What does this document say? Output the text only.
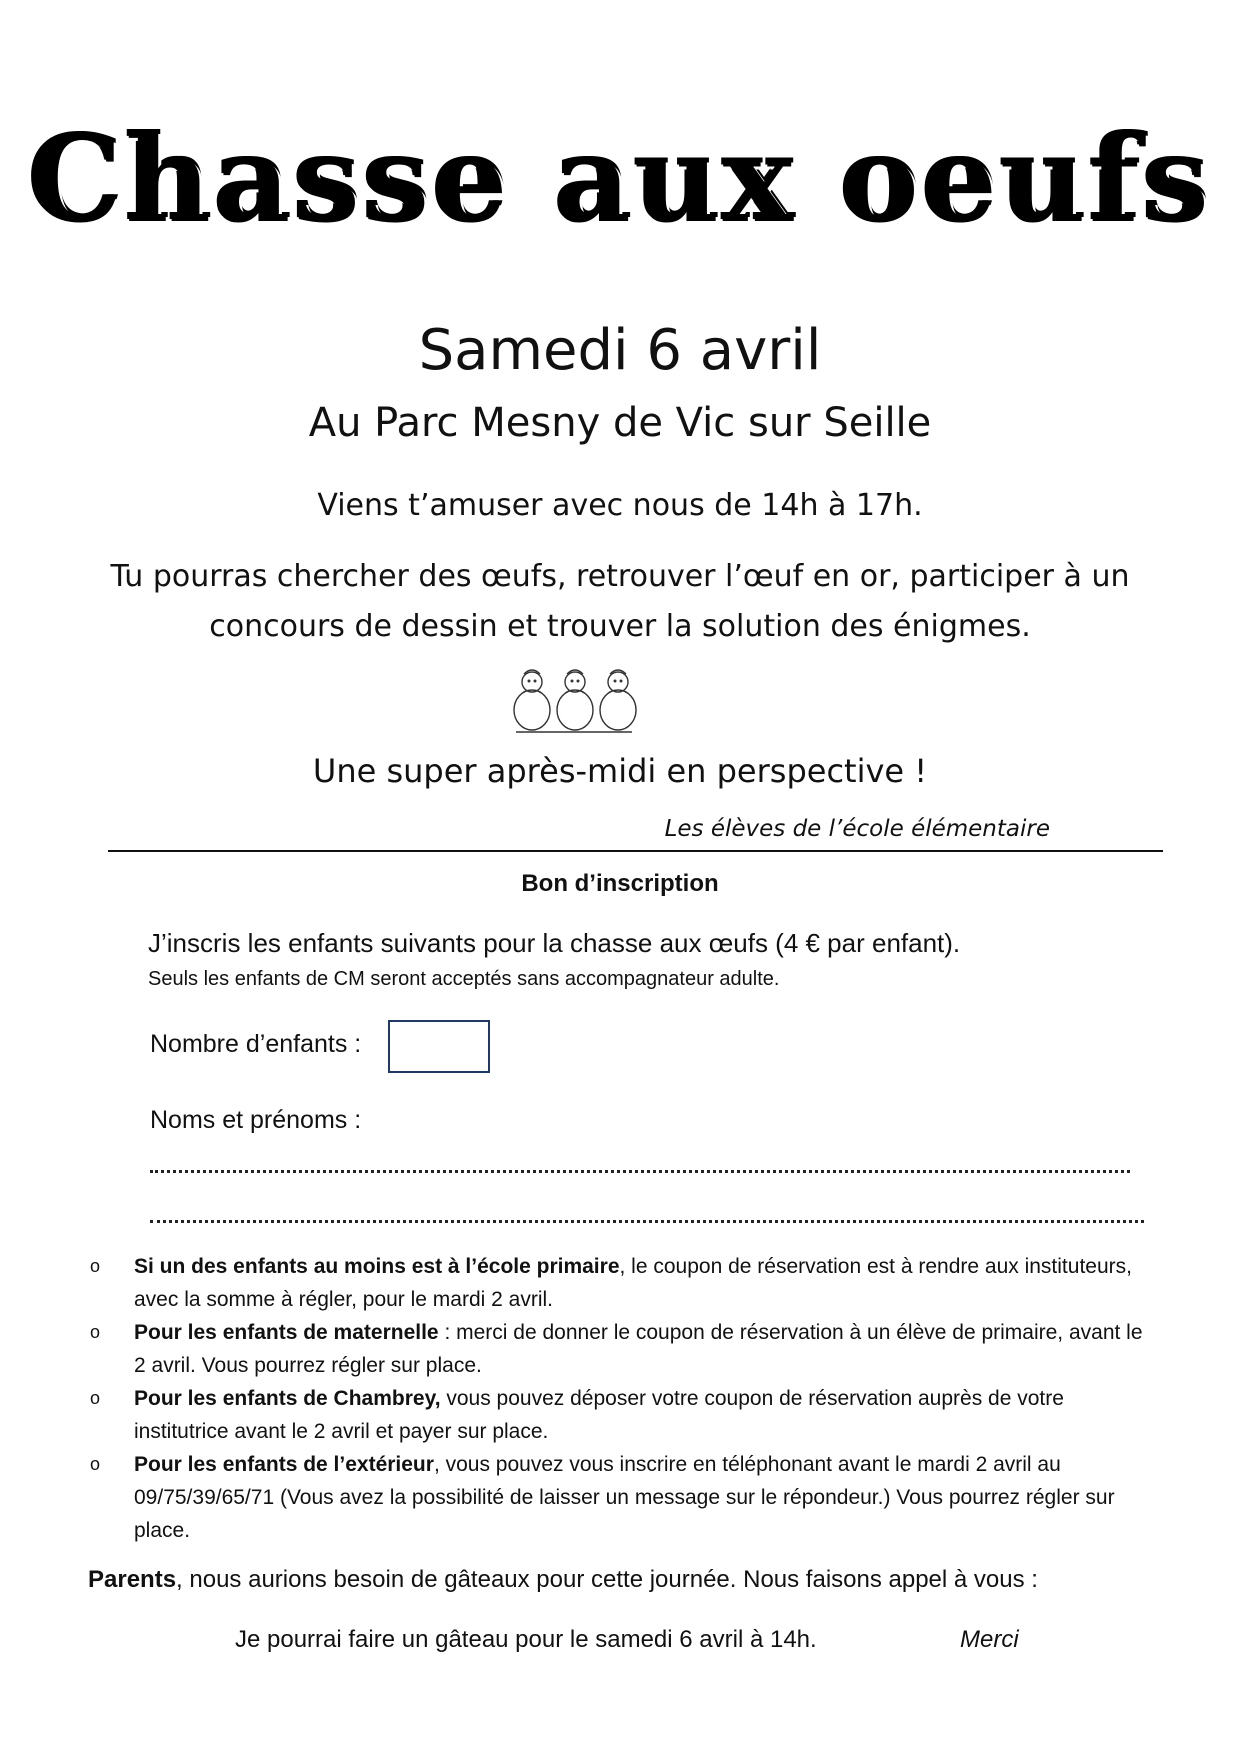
Chasse aux oeufs
Samedi 6 avril
Au Parc Mesny de Vic sur Seille
Viens t’amuser avec nous de 14h à 17h.
Tu pourras chercher des œufs, retrouver l’œuf en or, participer à un concours de dessin et trouver la solution des énigmes.
Une super après-midi en perspective !
Les élèves de l’école élémentaire
Bon d’inscription
J’inscris les enfants suivants pour la chasse aux œufs (4 € par enfant).
Seuls les enfants de CM seront acceptés sans accompagnateur adulte.
Nombre d’enfants :
Noms et prénoms :
o	Si un des enfants au moins est à l’école primaire, le coupon de réservation est à rendre aux instituteurs, avec la somme à régler, pour le mardi 2 avril.
o	Pour les enfants de maternelle : merci de donner le coupon de réservation à un élève de primaire, avant le 2 avril. Vous pourrez régler sur place.
o	Pour les enfants de Chambrey, vous pouvez déposer votre coupon de réservation auprès de votre institutrice avant le 2 avril et payer sur place.
o	Pour les enfants de l’extérieur, vous pouvez vous inscrire en téléphonant avant le mardi 2 avril au 09/75/39/65/71 (Vous avez la possibilité de laisser un message sur le répondeur.) Vous pourrez régler sur place.
Parents, nous aurions besoin de gâteaux pour cette journée. Nous faisons appel à vous :
Je pourrai faire un gâteau pour le samedi 6 avril à 14h.	Merci
